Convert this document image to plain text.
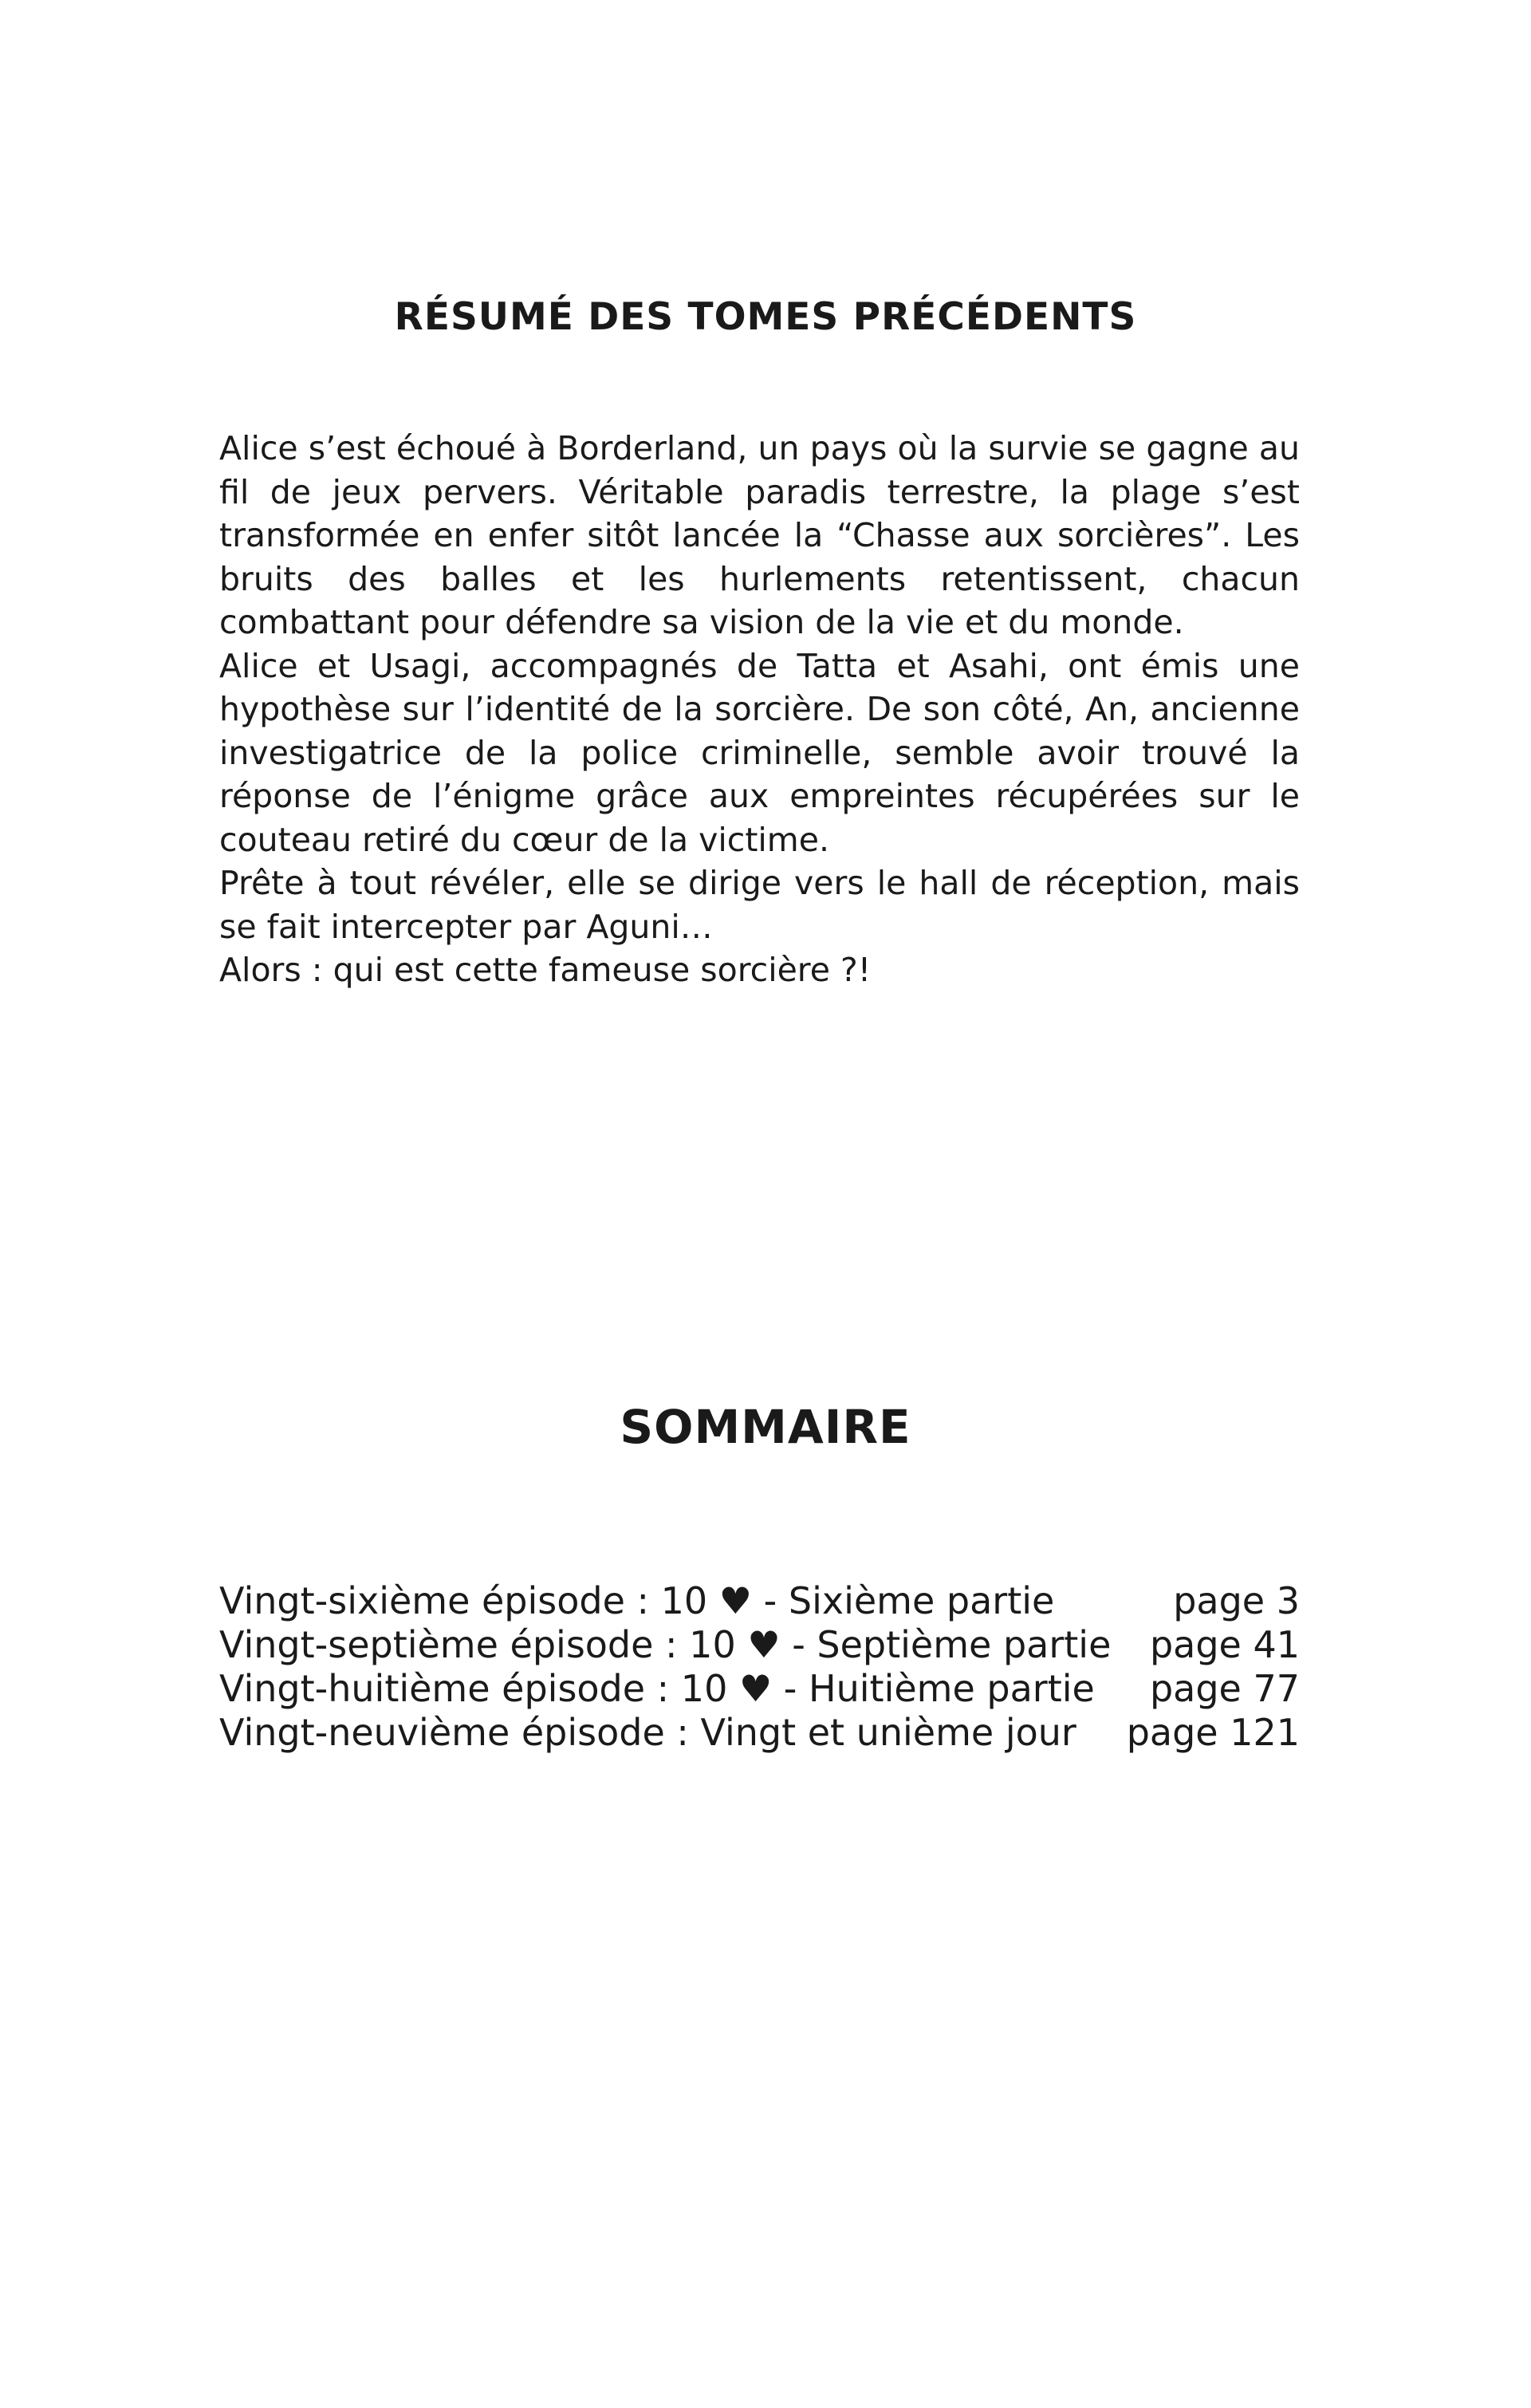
RÉSUMÉ DES TOMES PRÉCÉDENTS

Alice s’est échoué à Borderland, un pays où la survie se gagne au fil de jeux pervers. Véritable paradis terrestre, la plage s’est transformée en enfer sitôt lancée la “Chasse aux sorcières”. Les bruits des balles et les hurlements retentissent, chacun combattant pour défendre sa vision de la vie et du monde.

Alice et Usagi, accompagnés de Tatta et Asahi, ont émis une hypothèse sur l’identité de la sorcière. De son côté, An, ancienne investigatrice de la police criminelle, semble avoir trouvé la réponse de l’énigme grâce aux empreintes récupérées sur le couteau retiré du cœur de la victime.

Prête à tout révéler, elle se dirige vers le hall de réception, mais se fait intercepter par Aguni…

Alors : qui est cette fameuse sorcière ?!

SOMMAIRE
Vingt-sixième épisode : 10 ♥ - Sixième partie	page 3
Vingt-septième épisode : 10 ♥ - Septième partie page 41
Vingt-huitième épisode : 10 ♥ - Huitième partie page 77
Vingt-neuvième épisode : Vingt et unième jour page 121
